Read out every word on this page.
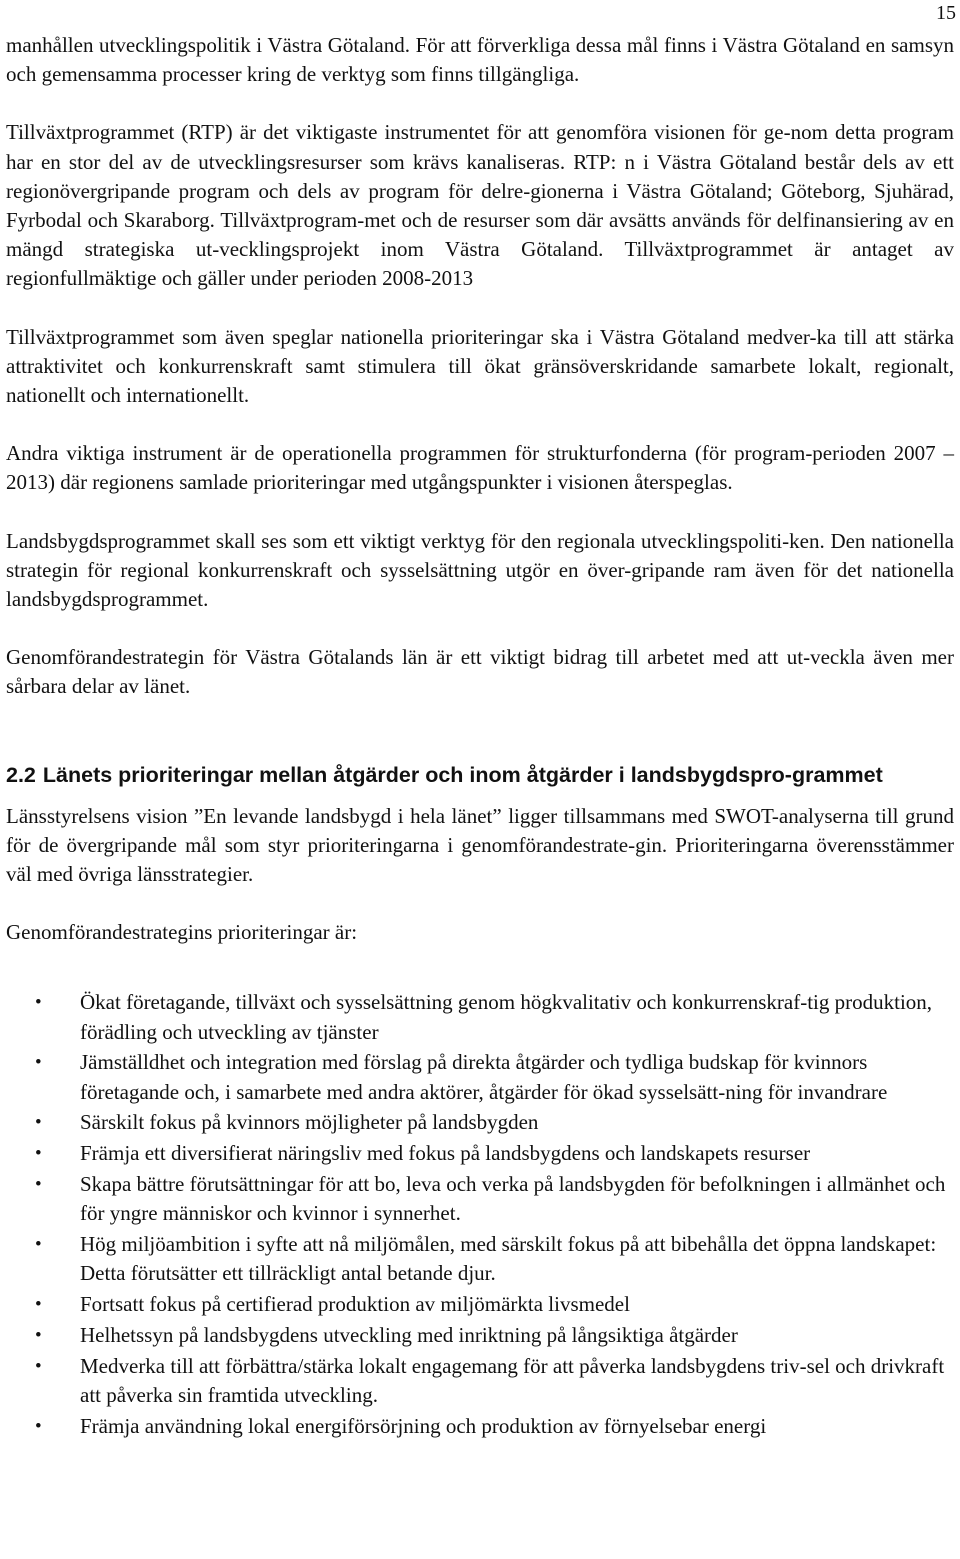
15

manhållen utvecklingspolitik i Västra Götaland. För att förverkliga dessa mål finns i Västra Götaland en samsyn och gemensamma processer kring de verktyg som finns tillgängliga.

Tillväxtprogrammet (RTP) är det viktigaste instrumentet för att genomföra visionen för ge-nom detta program har en stor del av de utvecklingsresurser som krävs kanaliseras. RTP: n i Västra Götaland består dels av ett regionövergripande program och dels av program för delre-gionerna i Västra Götaland; Göteborg, Sjuhärad, Fyrbodal och Skaraborg. Tillväxtprogram-met och de resurser som där avsätts används för delfinansiering av en mängd strategiska ut-vecklingsprojekt inom Västra Götaland. Tillväxtprogrammet är antaget av regionfullmäktige och gäller under perioden 2008-2013

Tillväxtprogrammet som även speglar nationella prioriteringar ska i Västra Götaland medver-ka till att stärka attraktivitet och konkurrenskraft samt stimulera till ökat gränsöverskridande samarbete lokalt, regionalt, nationellt och internationellt.

Andra viktiga instrument är de operationella programmen för strukturfonderna (för program-perioden 2007 – 2013) där regionens samlade prioriteringar med utgångspunkter i visionen återspeglas.

Landsbygdsprogrammet skall ses som ett viktigt verktyg för den regionala utvecklingspoliti-ken. Den nationella strategin för regional konkurrenskraft och sysselsättning utgör en över-gripande ram även för det nationella landsbygdsprogrammet.

Genomförandestrategin för Västra Götalands län är ett viktigt bidrag till arbetet med att ut-veckla även mer sårbara delar av länet.

2.2 Länets prioriteringar mellan åtgärder och inom åtgärder i landsbygdspro-grammet

Länsstyrelsens vision ”En levande landsbygd i hela länet” ligger tillsammans med SWOT-analyserna till grund för de övergripande mål som styr prioriteringarna i genomförandestrate-gin. Prioriteringarna överensstämmer väl med övriga länsstrategier.

Genomförandestrategins prioriteringar är:

• Ökat företagande, tillväxt och sysselsättning genom högkvalitativ och konkurrenskraf-tig produktion, förädling och utveckling av tjänster
• Jämställdhet och integration med förslag på direkta åtgärder och tydliga budskap för kvinnors företagande och, i samarbete med andra aktörer, åtgärder för ökad sysselsätt-ning för invandrare
• Särskilt fokus på kvinnors möjligheter på landsbygden
• Främja ett diversifierat näringsliv med fokus på landsbygdens och landskapets resurser
• Skapa bättre förutsättningar för att bo, leva och verka på landsbygden för befolkningen i allmänhet och för yngre människor och kvinnor i synnerhet.
• Hög miljöambition i syfte att nå miljömålen, med särskilt fokus på att bibehålla det öppna landskapet: Detta förutsätter ett tillräckligt antal betande djur.
• Fortsatt fokus på certifierad produktion av miljömärkta livsmedel
• Helhetssyn på landsbygdens utveckling med inriktning på långsiktiga åtgärder
• Medverka till att förbättra/stärka lokalt engagemang för att påverka landsbygdens triv-sel och drivkraft att påverka sin framtida utveckling.
• Främja användning lokal energiförsörjning och produktion av förnyelsebar energi
